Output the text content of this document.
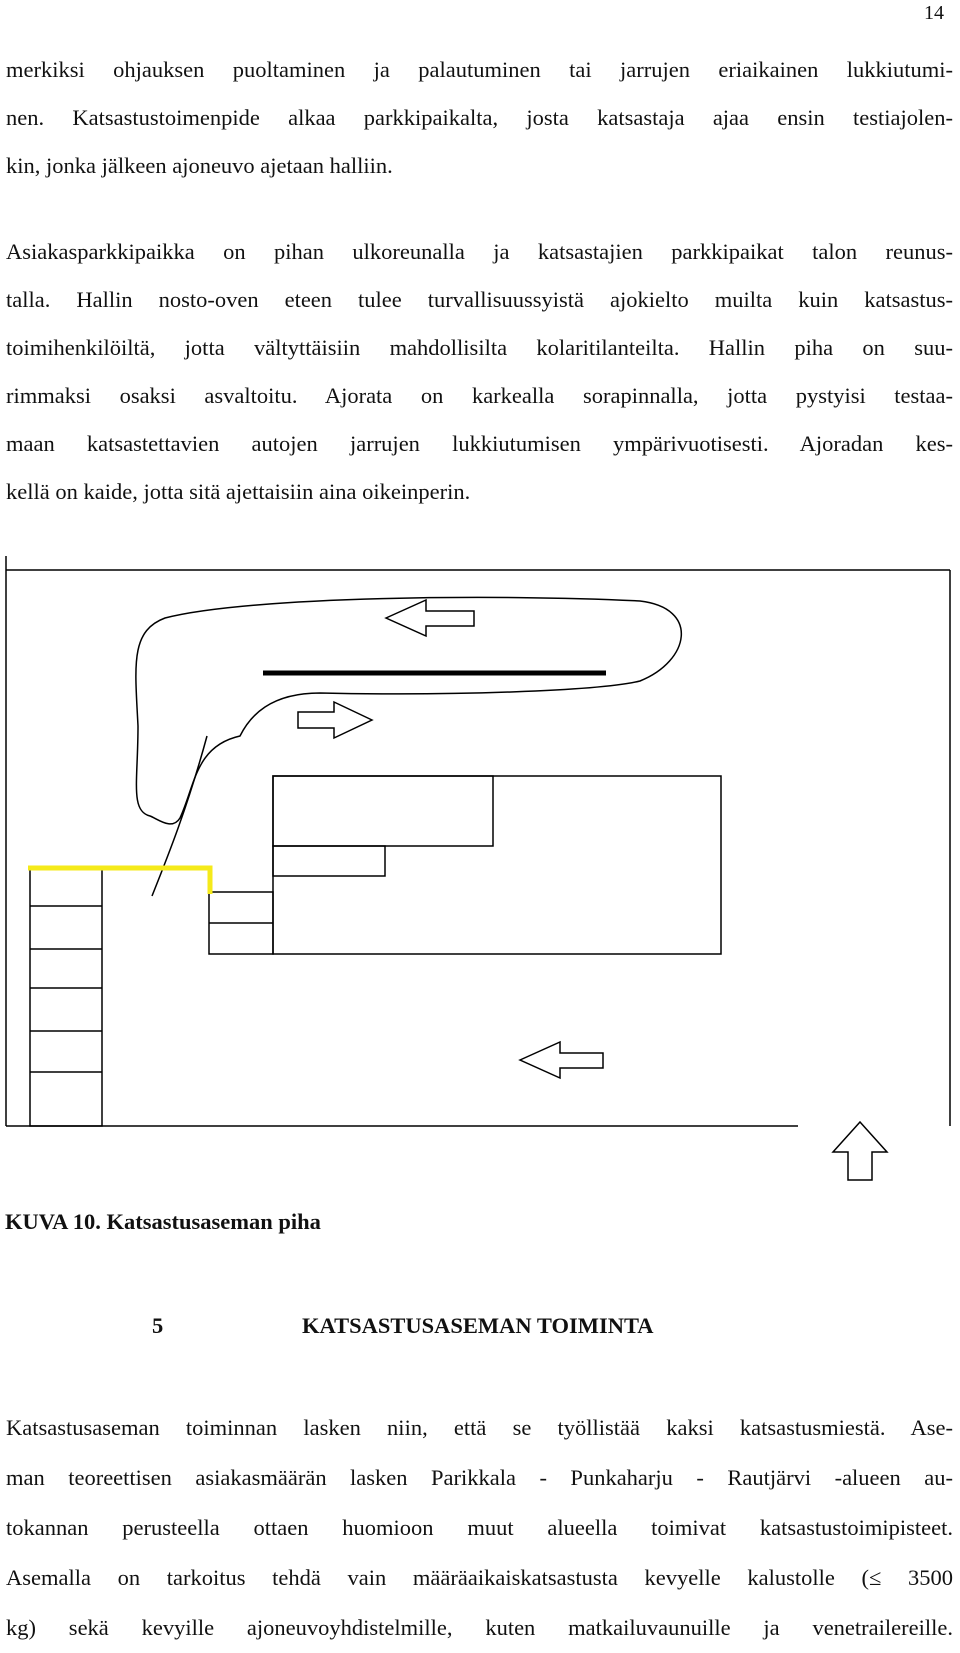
14
merkiksi ohjauksen puoltaminen ja palautuminen tai jarrujen eriaikainen lukkiutumi-
nen. Katsastustoimenpide alkaa parkkipaikalta, josta katsastaja ajaa ensin testiajolen-
kin, jonka jälkeen ajoneuvo ajetaan halliin.
Asiakasparkkipaikka on pihan ulkoreunalla ja katsastajien parkkipaikat talon reunus-
talla. Hallin nosto-oven eteen tulee turvallisuussyistä ajokielto muilta kuin katsastus-
toimihenkilöiltä, jotta vältyttäisiin mahdollisilta kolaritilanteilta. Hallin piha on suu-
rimmaksi osaksi asvaltoitu. Ajorata on karkealla sorapinnalla, jotta pystyisi testaa-
maan katsastettavien autojen jarrujen lukkiutumisen ympärivuotisesti. Ajoradan kes-
kellä on kaide, jotta sitä ajettaisiin aina oikeinperin.
KUVA 10. Katsastusaseman piha
5	KATSASTUSASEMAN TOIMINTA
Katsastusaseman toiminnan lasken niin, että se työllistää kaksi katsastusmiestä. Ase-
man teoreettisen asiakasmäärän lasken Parikkala - Punkaharju - Rautjärvi -alueen au-
tokannan perusteella ottaen huomioon muut alueella toimivat katsastustoimipisteet.
Asemalla on tarkoitus tehdä vain määräaikaiskatsastusta kevyelle kalustolle (≤ 3500
kg) sekä kevyille ajoneuvoyhdistelmille, kuten matkailuvaunuille ja venetrailereille.
